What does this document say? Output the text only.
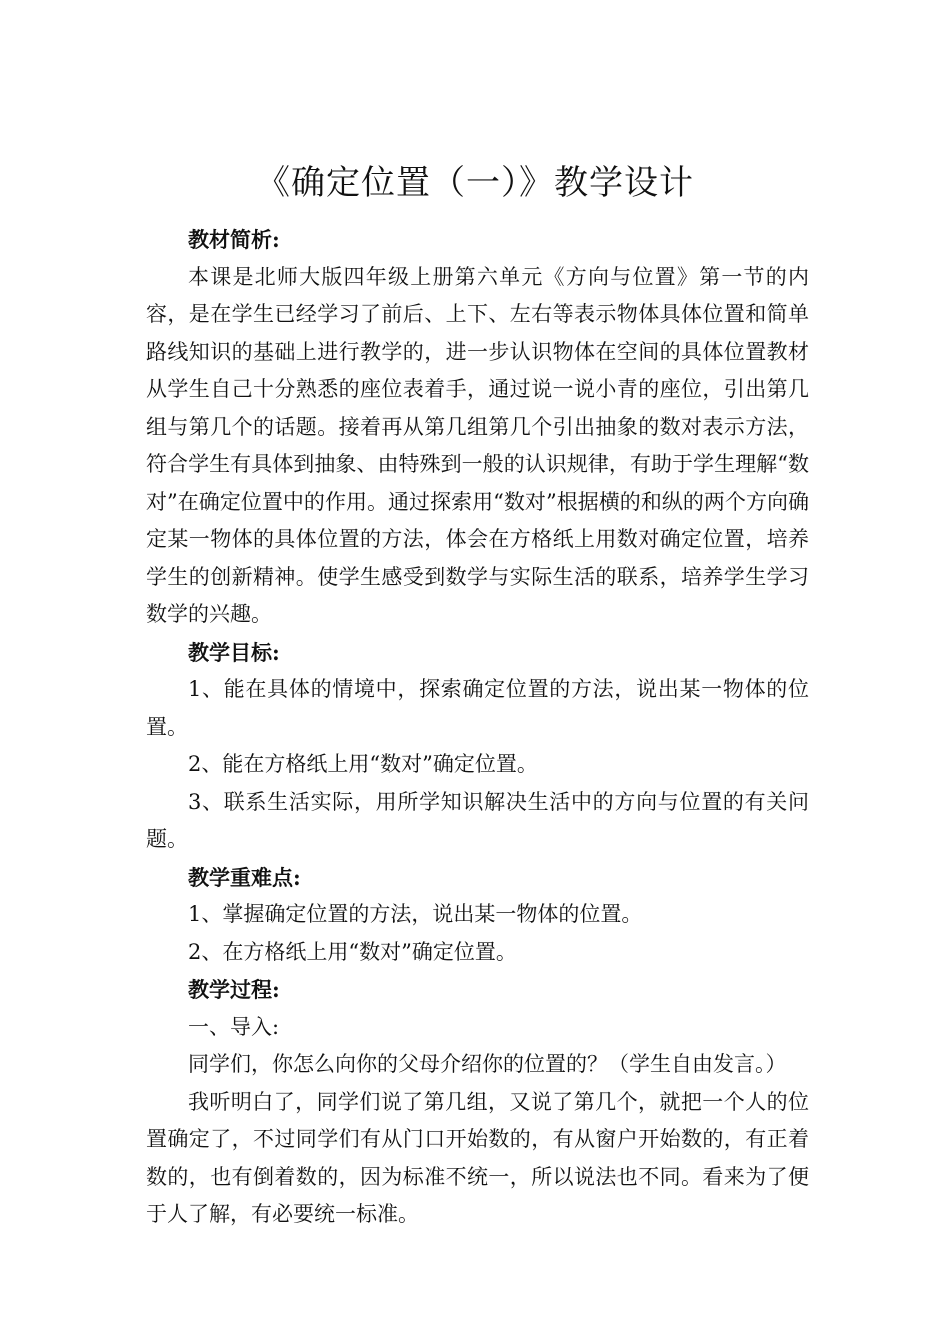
《确定位置（一）》教学设计

教材简析:

本课是北师大版四年级上册第六单元《方向与位置》第一节的内容，是在学生已经学习了前后、上下、左右等表示物体具体位置和简单路线知识的基础上进行教学的，进一步认识物体在空间的具体位置教材从学生自己十分熟悉的座位表着手，通过说一说小青的座位，引出第几组与第几个的话题。接着再从第几组第几个引出抽象的数对表示方法，符合学生有具体到抽象、由特殊到一般的认识规律，有助于学生理解“数对”在确定位置中的作用。通过探索用“数对”根据横的和纵的两个方向确定某一物体的具体位置的方法，体会在方格纸上用数对确定位置，培养学生的创新精神。使学生感受到数学与实际生活的联系，培养学生学习数学的兴趣。

教学目标:

1、能在具体的情境中，探索确定位置的方法，说出某一物体的位置。

2、能在方格纸上用“数对”确定位置。

3、联系生活实际，用所学知识解决生活中的方向与位置的有关问题。

教学重难点:

1、掌握确定位置的方法，说出某一物体的位置。

2、在方格纸上用“数对”确定位置。

教学过程:

一、导入:

同学们，你怎么向你的父母介绍你的位置的？（学生自由发言。）

我听明白了，同学们说了第几组，又说了第几个，就把一个人的位置确定了，不过同学们有从门口开始数的，有从窗户开始数的，有正着数的，也有倒着数的，因为标准不统一，所以说法也不同。看来为了便于人了解，有必要统一标准。
